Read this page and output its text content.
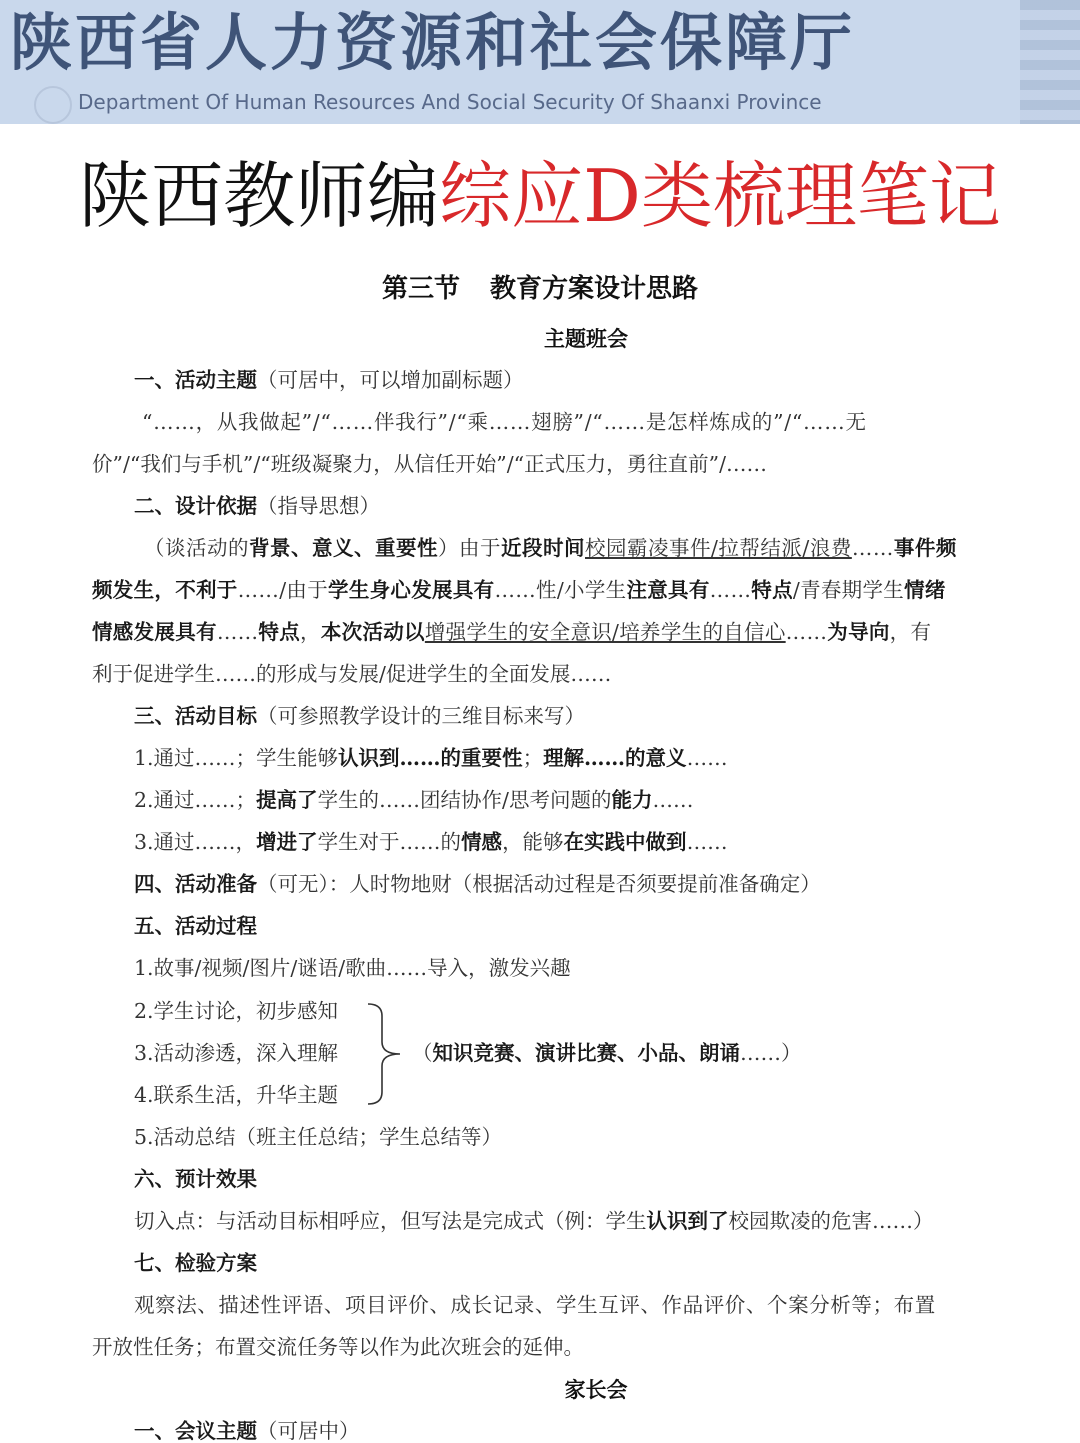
陕西省人力资源和社会保障厅
Department Of Human Resources And Social Security Of Shaanxi Province
陕西教师编综应D类梳理笔记
第三节 教育方案设计思路
主题班会
一、活动主题（可居中，可以增加副标题）
“……，从我做起”/“……伴我行”/“乘……翅膀”/“……是怎样炼成的”/“……无
价”/“我们与手机”/“班级凝聚力，从信任开始”/“正式压力，勇往直前”/……
二、设计依据（指导思想）
（谈活动的背景、意义、重要性）由于近段时间校园霸凌事件/拉帮结派/浪费……事件频
频发生，不利于……/由于学生身心发展具有……性/小学生注意具有……特点/青春期学生情绪
情感发展具有……特点，本次活动以增强学生的安全意识/培养学生的自信心……为导向，有
利于促进学生……的形成与发展/促进学生的全面发展……
三、活动目标（可参照教学设计的三维目标来写）
1.通过……；学生能够认识到……的重要性；理解……的意义……
2.通过……；提高了学生的……团结协作/思考问题的能力……
3.通过……，增进了学生对于……的情感，能够在实践中做到……
四、活动准备（可无）：人时物地财（根据活动过程是否须要提前准备确定）
五、活动过程
1.故事/视频/图片/谜语/歌曲……导入，激发兴趣
2.学生讨论，初步感知
3.活动渗透，深入理解
4.联系生活，升华主题
（知识竞赛、演讲比赛、小品、朗诵……）
5.活动总结（班主任总结；学生总结等）
六、预计效果
切入点：与活动目标相呼应，但写法是完成式（例：学生认识到了校园欺凌的危害……）
七、检验方案
观察法、描述性评语、项目评价、成长记录、学生互评、作品评价、个案分析等；布置
开放性任务；布置交流任务等以作为此次班会的延伸。
家长会
一、会议主题（可居中）
